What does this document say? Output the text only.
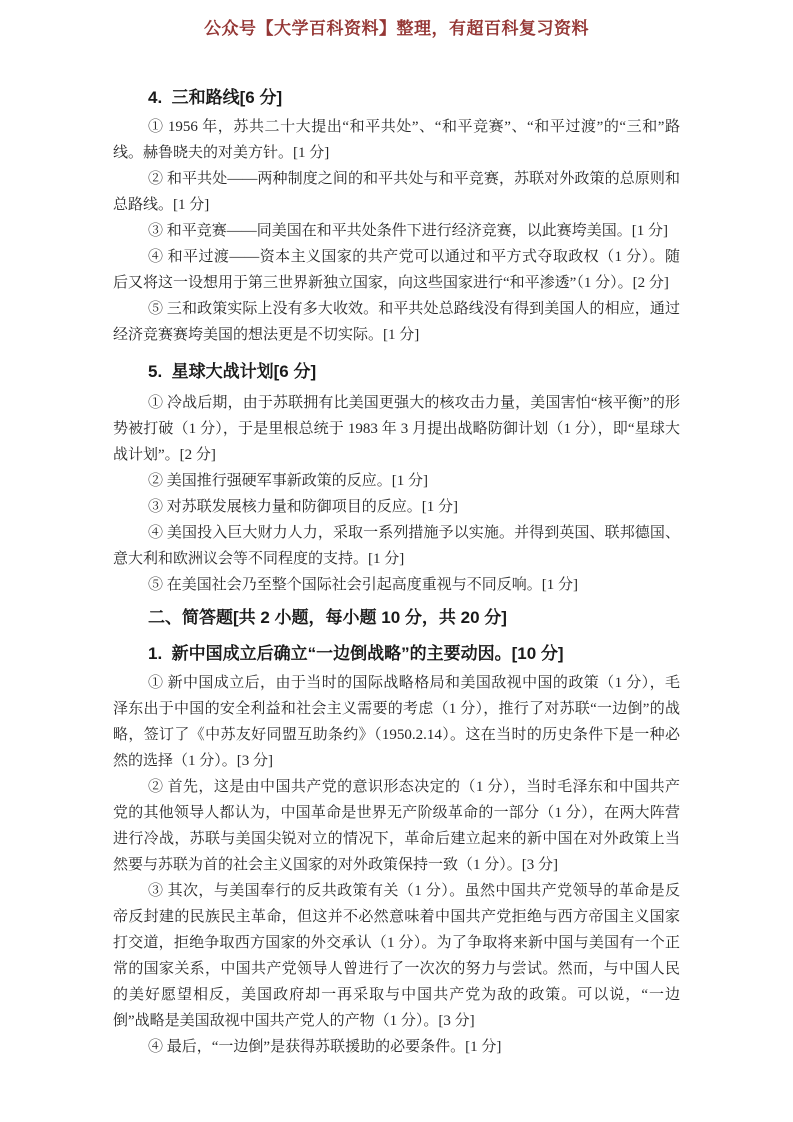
公众号【大学百科资料】整理，有超百科复习资料
4.  三和路线[6 分]

① 1956 年，苏共二十大提出“和平共处”、“和平竞赛”、“和平过渡”的“三和”路线。赫鲁晓夫的对美方针。[1 分]

② 和平共处——两种制度之间的和平共处与和平竞赛，苏联对外政策的总原则和总路线。[1 分]

③ 和平竞赛——同美国在和平共处条件下进行经济竞赛，以此赛垮美国。[1 分]

④ 和平过渡——资本主义国家的共产党可以通过和平方式夺取政权（1 分）。随后又将这一设想用于第三世界新独立国家，向这些国家进行“和平渗透”（1 分）。[2 分]

⑤ 三和政策实际上没有多大收效。和平共处总路线没有得到美国人的相应，通过经济竞赛赛垮美国的想法更是不切实际。[1 分]

5.  星球大战计划[6 分]

① 冷战后期，由于苏联拥有比美国更强大的核攻击力量，美国害怕“核平衡”的形势被打破（1 分），于是里根总统于 1983 年 3 月提出战略防御计划（1 分），即“星球大战计划”。[2 分]

② 美国推行强硬军事新政策的反应。[1 分]

③ 对苏联发展核力量和防御项目的反应。[1 分]

④ 美国投入巨大财力人力，采取一系列措施予以实施。并得到英国、联邦德国、意大利和欧洲议会等不同程度的支持。[1 分]

⑤ 在美国社会乃至整个国际社会引起高度重视与不同反响。[1 分]

二、简答题[共 2 小题，每小题 10 分，共 20 分]
1.  新中国成立后确立“一边倒战略”的主要动因。[10 分]

① 新中国成立后，由于当时的国际战略格局和美国敌视中国的政策（1 分），毛泽东出于中国的安全利益和社会主义需要的考虑（1 分），推行了对苏联“一边倒”的战略，签订了《中苏友好同盟互助条约》（1950.2.14）。这在当时的历史条件下是一种必然的选择（1 分）。[3 分]

② 首先，这是由中国共产党的意识形态决定的（1 分），当时毛泽东和中国共产党的其他领导人都认为，中国革命是世界无产阶级革命的一部分（1 分），在两大阵营进行冷战，苏联与美国尖锐对立的情况下，革命后建立起来的新中国在对外政策上当然要与苏联为首的社会主义国家的对外政策保持一致（1 分）。[3 分]

③ 其次，与美国奉行的反共政策有关（1 分）。虽然中国共产党领导的革命是反帝反封建的民族民主革命，但这并不必然意味着中国共产党拒绝与西方帝国主义国家打交道，拒绝争取西方国家的外交承认（1 分）。为了争取将来新中国与美国有一个正常的国家关系，中国共产党领导人曾进行了一次次的努力与尝试。然而，与中国人民的美好愿望相反，美国政府却一再采取与中国共产党为敌的政策。可以说，“一边倒”战略是美国敌视中国共产党人的产物（1 分）。[3 分]

④ 最后，“一边倒”是获得苏联援助的必要条件。[1 分]
